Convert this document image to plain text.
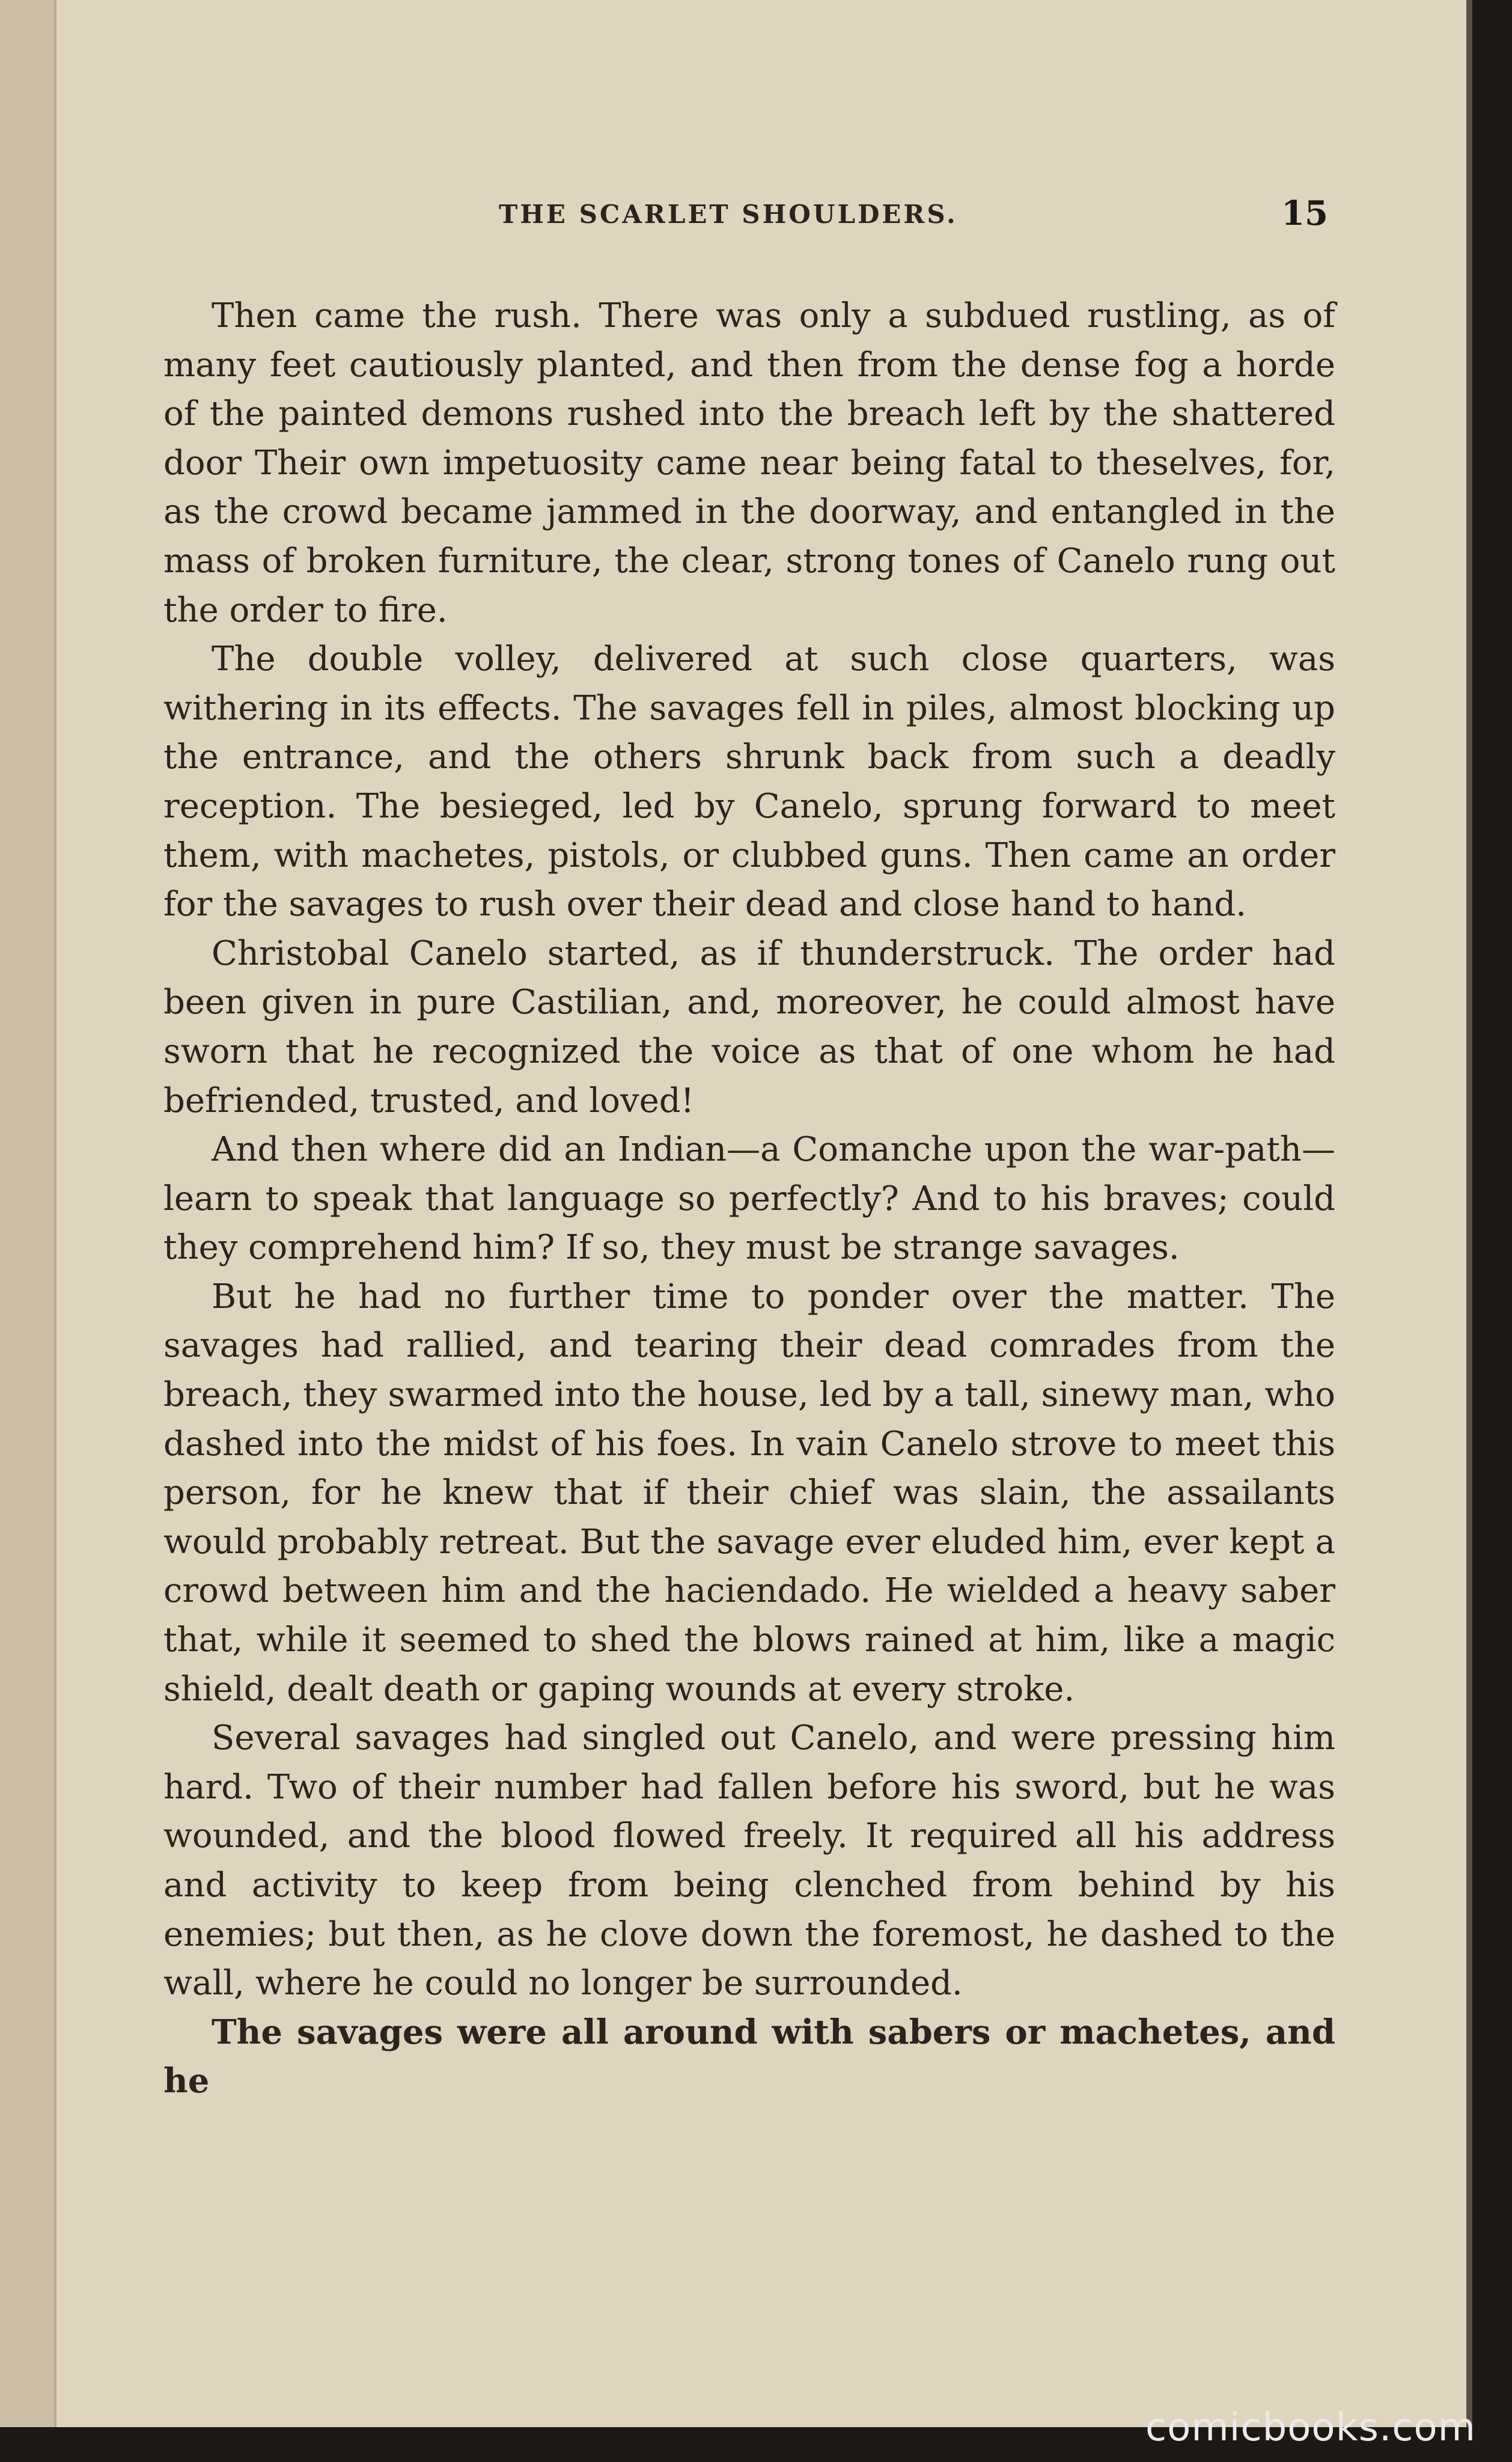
THE SCARLET SHOULDERS.	15

Then came the rush. There was only a subdued rustling, as of many feet cautiously planted, and then from the dense fog a horde of the painted demons rushed into the breach left by the shattered door Their own impetuosity came near being fatal to theselves, for, as the crowd became jammed in the doorway, and entangled in the mass of broken furniture, the clear, strong tones of Canelo rung out the order to fire.

The double volley, delivered at such close quarters, was withering in its effects. The savages fell in piles, almost blocking up the entrance, and the others shrunk back from such a deadly reception. The besieged, led by Canelo, sprung forward to meet them, with machetes, pistols, or clubbed guns. Then came an order for the savages to rush over their dead and close hand to hand.

Christobal Canelo started, as if thunderstruck. The order had been given in pure Castilian, and, moreover, he could almost have sworn that he recognized the voice as that of one whom he had befriended, trusted, and loved!

And then where did an Indian—a Comanche upon the war-path—learn to speak that language so perfectly? And to his braves; could they comprehend him? If so, they must be strange savages.

But he had no further time to ponder over the matter. The savages had rallied, and tearing their dead comrades from the breach, they swarmed into the house, led by a tall, sinewy man, who dashed into the midst of his foes. In vain Canelo strove to meet this person, for he knew that if their chief was slain, the assailants would probably retreat. But the savage ever eluded him, ever kept a crowd between him and the haciendado. He wielded a heavy saber that, while it seemed to shed the blows rained at him, like a magic shield, dealt death or gaping wounds at every stroke.

Several savages had singled out Canelo, and were pressing him hard. Two of their number had fallen before his sword, but he was wounded, and the blood flowed freely. It required all his address and activity to keep from being clenched from behind by his enemies; but then, as he clove down the foremost, he dashed to the wall, where he could no longer be surrounded.

The savages were all around with sabers or machetes, and he

comicbooks.com
